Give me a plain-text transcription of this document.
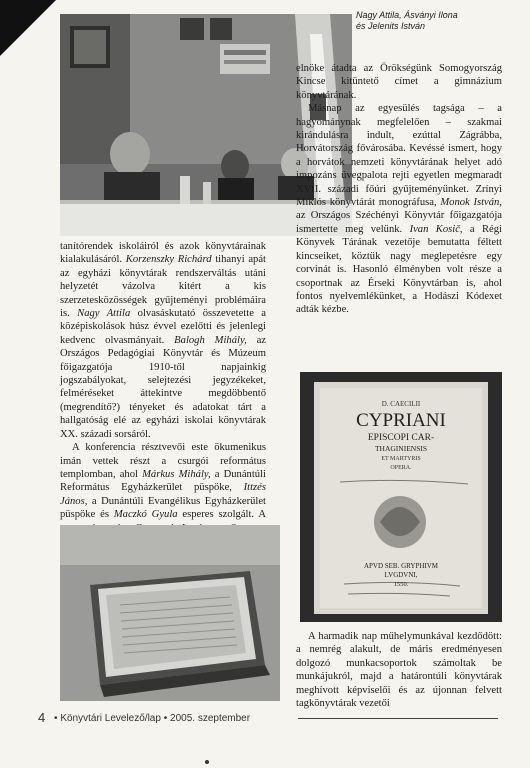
Nagy Attila, Ásványi Ilona
és Jelenits István

tanítórendek iskoláiról és azok könyvtárainak kialakulásáról. Korzenszky Richárd tihanyi apát az egyházi könyvtárak rendszerváltás utáni helyzetét vázolva kitért a kis szerzetesközösségek gyűjteményi problémáira is. Nagy Attila olvasáskutató összevetette a középiskolások húsz évvel ezelőtti és jelenlegi kedvenc olvasmányait. Balogh Mihály, az Országos Pedagógiai Könyvtár és Múzeum főigazgatója 1910-től napjainkig jogszabályokat, selejtezési jegyzékeket, felméréseket áttekintve megdöbbentő (megrendítő?) tényeket és adatokat tárt a hallgatóság elé az egyházi iskolai könyvtárak XX. századi sorsáról.

A konferencia résztvevői este ökumenikus imán vettek részt a csurgói református templomban, ahol Márkus Mihály, a Dunántúli Református Egyházkerület püspöke, Ittzés János, a Dunántúli Evangélikus Egyházkerület püspöke és Maczkó Gyula esperes szolgált. A

elnöke átadta az Örökségünk Somogyország Kincse kitüntető címet a gimnázium könyvtárának.

Másnap az egyesülés tagsága – a hagyománynak megfelelően – szakmai kirándulásra indult, ezúttal Zágrábba, Horvátország fővárosába. Kevéssé ismert, hogy a horvátok nemzeti könyvtárának helyet adó impozáns üvegpalota rejti egyetlen megmaradt XVII. századi főúri gyűjteményünket. Zrínyi Miklós könyvtárát monográfusa, Monok István, az Országos Széchényi Könyvtár főigazgatója ismertette meg velünk. Ivan Kosič, a Régi Könyvek Tárának vezetője bemutatta féltett kincseiket, köztük nagy meglepetésre egy corvinát is. Hasonló élményben volt része a csoportnak az Érseki Könyvtárban is, ahol fontos nyelvemlékünket, a Hodászi Kódexet adták kézbe.

D. CAECILII
CYPRIANI
EPISCOPI CAR-
THAGINIENSIS
ET MARTYRIS
OPERA.
APVD SEB. GRYPHIVM
LVGDVNI,
1550.

A harmadik nap műhelymunkával kezdődött: a nemrég alakult, de máris eredményesen dolgozó munkacsoportok számoltak be munkájukról, majd a határontúli könyvtárak meghívott képviselői és az újonnan felvett tagkönyvtárak vezetői

4 • Könyvtári Levelező/lap • 2005. szeptember
